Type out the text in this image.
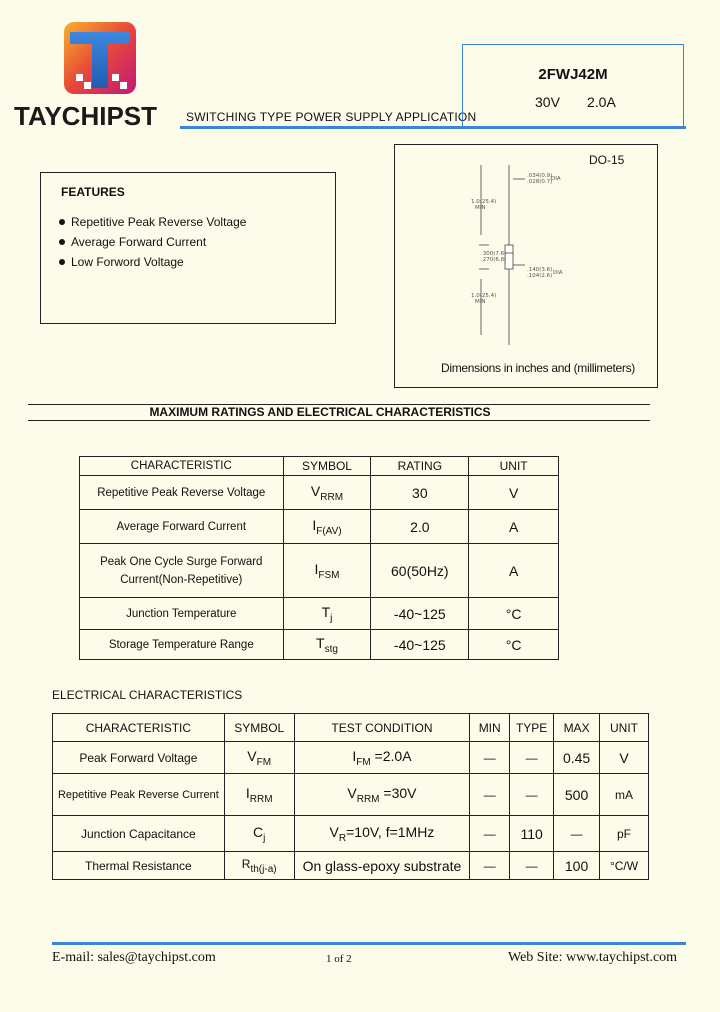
TAYCHIPST SWITCHING TYPE POWER SUPPLY APPLICATION
2FWJ42M
30V 2.0A
FEATURES
Repetitive Peak Reverse Voltage
Average Forward Current
Low Forword Voltage
DO-15
.034(0.9)
.028(0.7)
DIA
1.0(25.4)
MIN
.300(7.6)
.270(6.8)
.140(3.6)
.104(2.6) DIA
1.0(25.4)
MIN
Dimensions in inches and (millimeters)
MAXIMUM RATINGS AND ELECTRICAL CHARACTERISTICS
CHARACTERISTIC	SYMBOL	RATING	UNIT
Repetitive Peak Reverse Voltage	$V_{RRM}$	30	V
Average Forward Current	$I_{F(AV)}$	2.0	A

Peak One Cycle Surge Forward
Current(Non-Repetitive)	$I_{FSM}$	60(50Hz)	A
Junction Temperature	$T_j$	-40~125	°C
Storage Temperature Range	$T_{stg}$	-40~125	°C
ELECTRICAL CHARACTERISTICS
CHARACTERISTIC	SYMBOL	TEST CONDITION	MIN	TYPE	MAX	UNIT
Peak Forward Voltage	$V_{FM}$	$I_{FM} =2.0A$	—	—	0.45	V
Repetitive Peak Reverse Current	$I_{RRM}$	$V_{RRM} =30V$	—	—	500	mA
Junction Capacitance	$C_j$	$V_R=10V$, f=1MHz	—	110	—	pF
Thermal Resistance	$R_{th(j-a)}$	On glass-epoxy substrate	—	—	100	°C/W
E-mail: sales@taychipst.com	1 of 2	Web Site: www.taychipst.com
